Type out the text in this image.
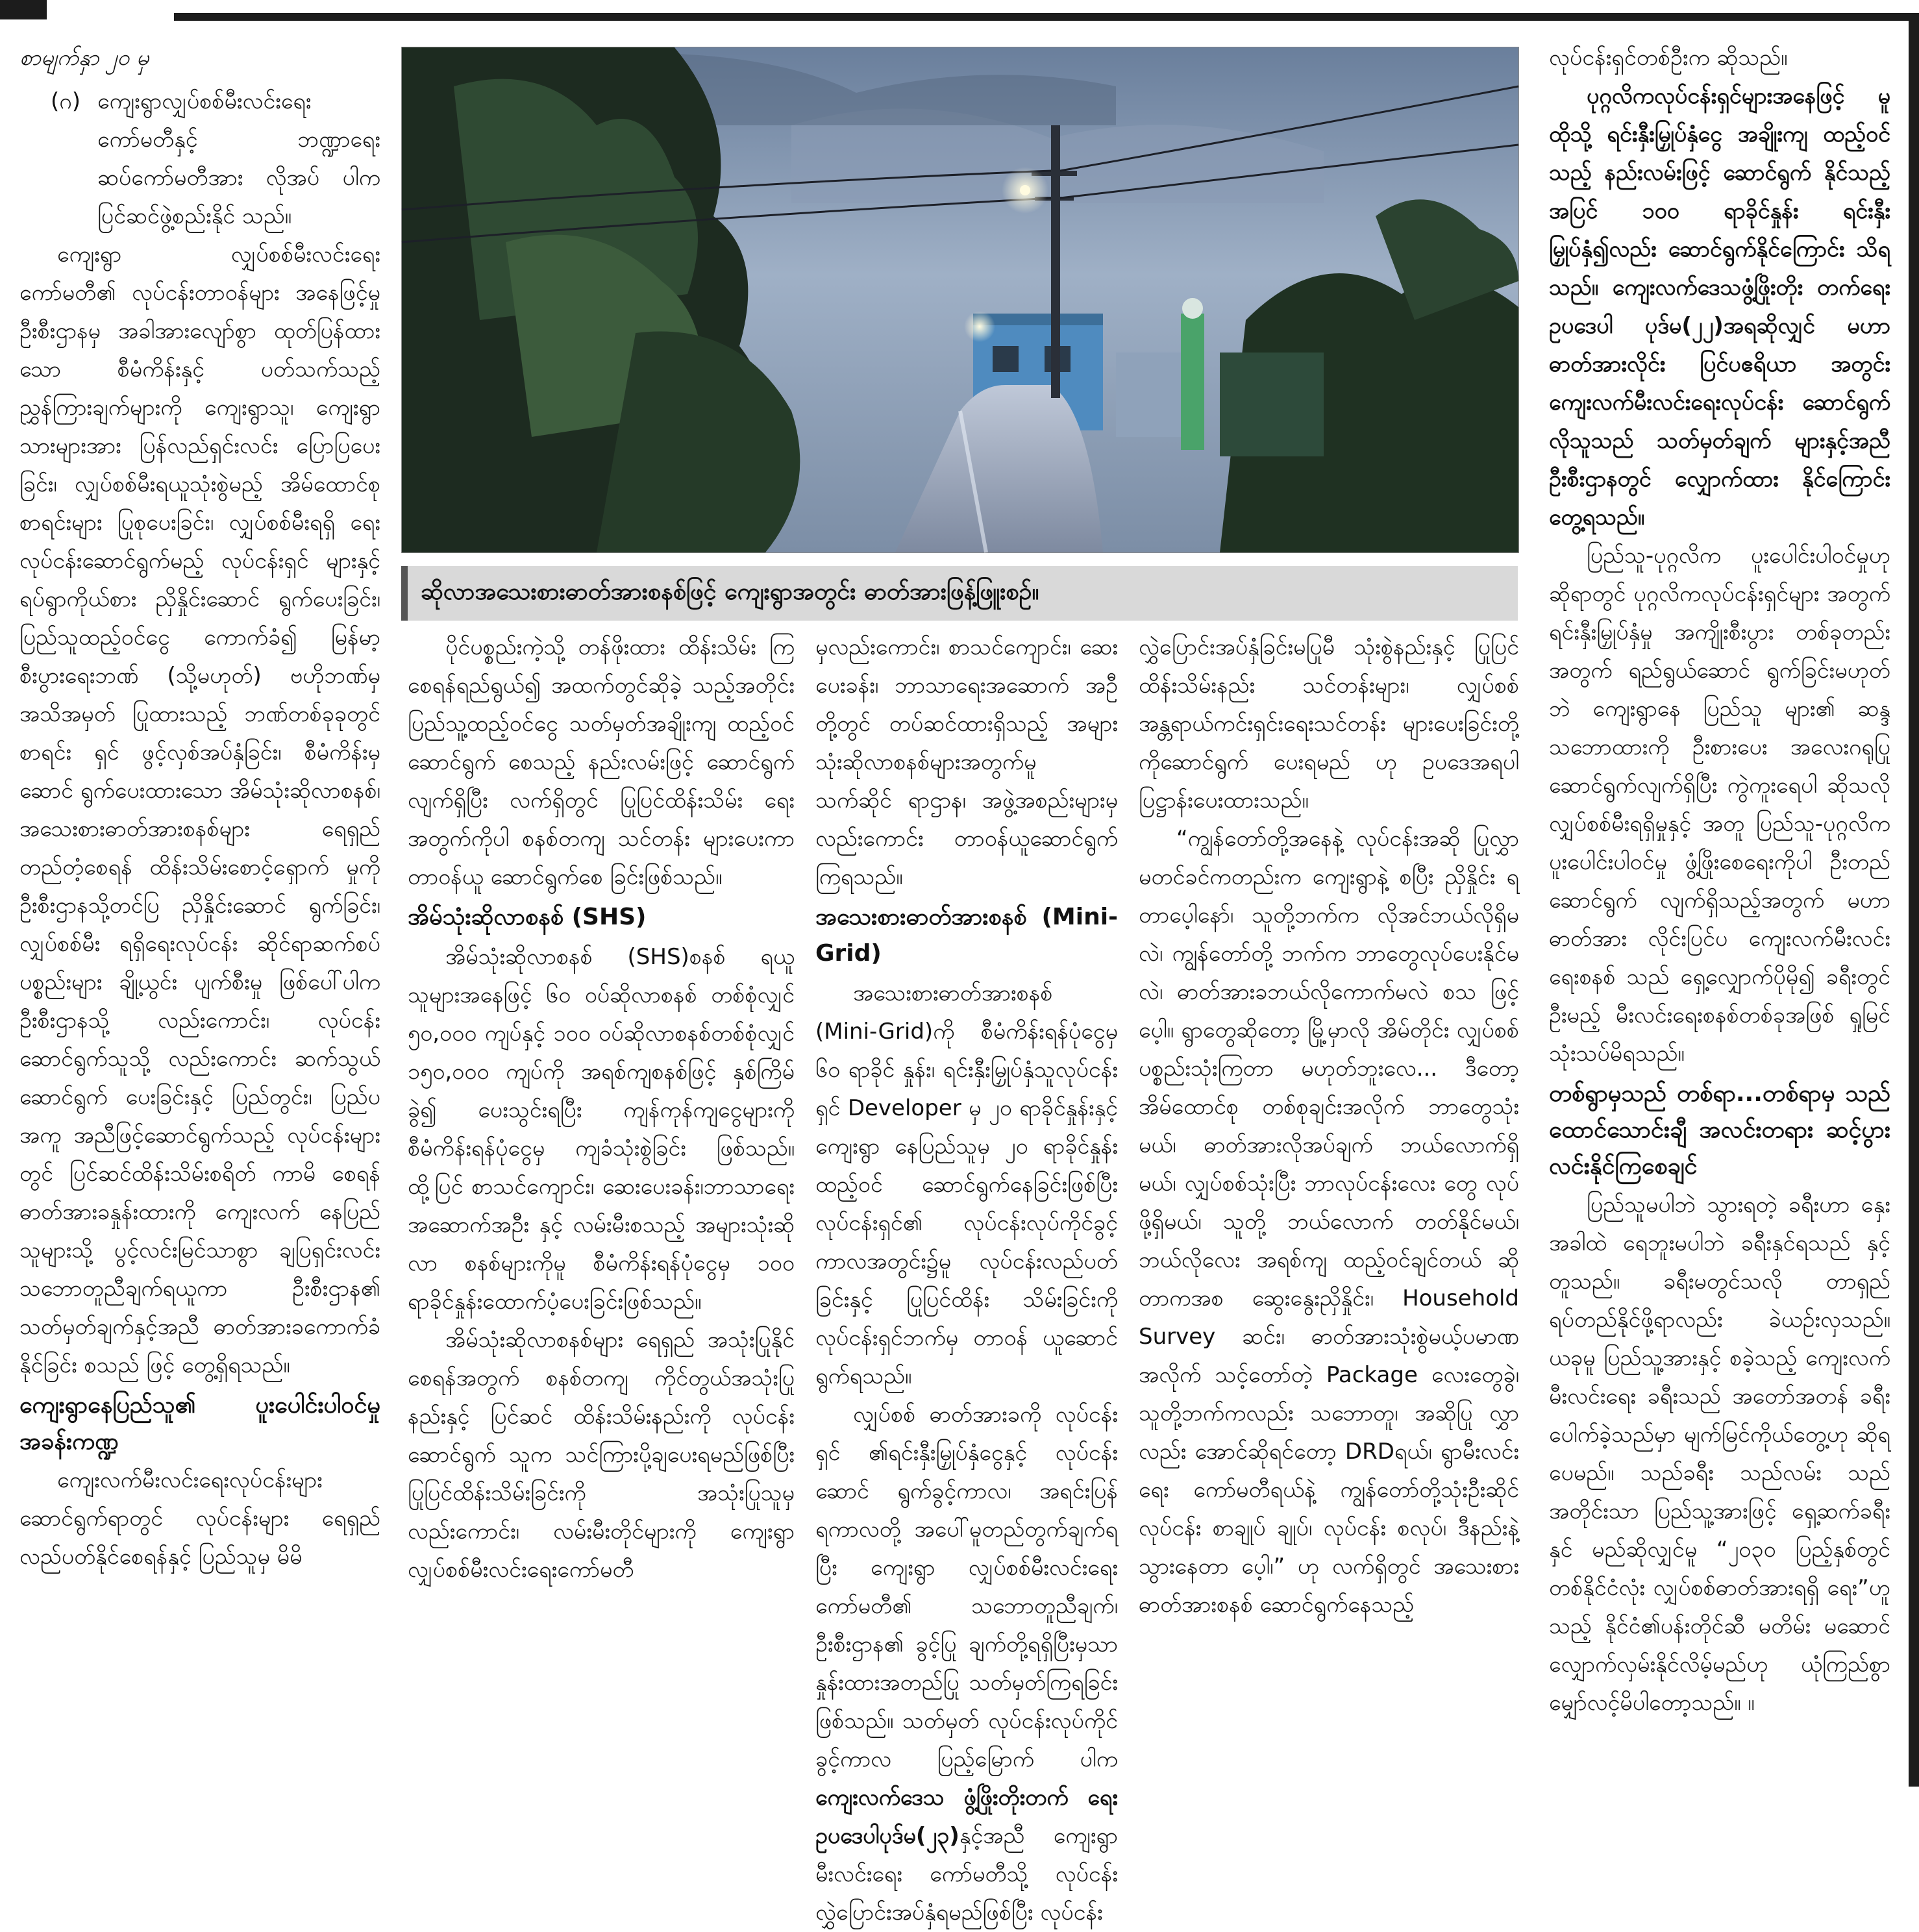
စာမျက်နှာ ၂၀ မှ

(ဂ) ကျေးရွာလျှပ်စစ်မီးလင်းရေး ကော်မတီနှင့် ဘဏ္ဍာရေး ဆပ်ကော်မတီအား လိုအပ် ပါက ပြင်ဆင်ဖွဲ့စည်းနိုင် သည်။

ကျေးရွာ လျှပ်စစ်မီးလင်းရေး ကော်မတီ၏ လုပ်ငန်းတာဝန်များ အနေဖြင့်မှု ဦးစီးဌာနမှ အခါအားလျော်စွာ ထုတ်ပြန်ထားသော စီမံကိန်းနှင့် ပတ်သက်သည့် ညွှန်ကြားချက်များကို ကျေးရွာသူ၊ ကျေးရွာသားများအား ပြန်လည်ရှင်းလင်း ပြောပြပေးခြင်း၊ လျှပ်စစ်မီးရယူသုံးစွဲမည့် အိမ်ထောင်စု စာရင်းများ ပြုစုပေးခြင်း၊ လျှပ်စစ်မီးရရှိ ရေးလုပ်ငန်းဆောင်ရွက်မည့် လုပ်ငန်းရှင် များနှင့် ရပ်ရွာကိုယ်စား ညှိနှိုင်းဆောင် ရွက်ပေးခြင်း၊ ပြည်သူထည့်ဝင်ငွေ ကောက်ခံ၍ မြန်မာ့စီးပွားရေးဘဏ် (သို့မဟုတ်) ဗဟိုဘဏ်မှ အသိအမှတ် ပြုထားသည့် ဘဏ်တစ်ခုခုတွင် စာရင်း ရှင် ဖွင့်လှစ်အပ်နှံခြင်း၊ စီမံကိန်းမှ ဆောင် ရွက်ပေးထားသော အိမ်သုံးဆိုလာစနစ်၊ အသေးစားဓာတ်အားစနစ်များ ရေရှည် တည်တံ့စေရန် ထိန်းသိမ်းစောင့်ရှောက် မှုကို ဦးစီးဌာနသို့တင်ပြ ညှိနှိုင်းဆောင် ရွက်ခြင်း၊ လျှပ်စစ်မီး ရရှိရေးလုပ်ငန်း ဆိုင်ရာဆက်စပ်ပစ္စည်းများ ချို့ယွင်း ပျက်စီးမှု ဖြစ်ပေါ်ပါက ဦးစီးဌာနသို့ လည်းကောင်း၊ လုပ်ငန်းဆောင်ရွက်သူသို့ လည်းကောင်း ဆက်သွယ်ဆောင်ရွက် ပေးခြင်းနှင့် ပြည်တွင်း၊ ပြည်ပ အကူ အညီဖြင့်ဆောင်ရွက်သည့် လုပ်ငန်းများ တွင် ပြင်ဆင်ထိန်းသိမ်းစရိတ် ကာမိ စေရန်ဓာတ်အားခနှုန်းထားကို ကျေးလက် နေပြည်သူများသို့ ပွင့်လင်းမြင်သာစွာ ချပြရှင်းလင်း သဘောတူညီချက်ရယူကာ ဦးစီးဌာန၏ သတ်မှတ်ချက်နှင့်အညီ ဓာတ်အားခကောက်ခံနိုင်ခြင်း စသည် ဖြင့် တွေ့ရှိရသည်။

ကျေးရွာနေပြည်သူ၏ ပူးပေါင်းပါဝင်မှုအခန်းကဏ္ဍ

ကျေးလက်မီးလင်းရေးလုပ်ငန်းများ ဆောင်ရွက်ရာတွင် လုပ်ငန်းများ ရေရှည် လည်ပတ်နိုင်စေရန်နှင့် ပြည်သူမှ မိမိ

ဆိုလာအသေးစားဓာတ်အားစနစ်ဖြင့် ကျေးရွာအတွင်း ဓာတ်အားဖြန့်ဖြူးစဉ်။

ပိုင်ပစ္စည်းကဲ့သို့ တန်ဖိုးထား ထိန်းသိမ်း ကြစေရန်ရည်ရွယ်၍ အထက်တွင်ဆိုခဲ့ သည့်အတိုင်း ပြည်သူ့ထည့်ဝင်ငွေ သတ်မှတ်အချိုးကျ ထည့်ဝင်ဆောင်ရွက် စေသည့် နည်းလမ်းဖြင့် ဆောင်ရွက် လျက်ရှိပြီး လက်ရှိတွင် ပြုပြင်ထိန်းသိမ်း ရေးအတွက်ကိုပါ စနစ်တကျ သင်တန်း များပေးကာ တာဝန်ယူ ဆောင်ရွက်စေ ခြင်းဖြစ်သည်။

အိမ်သုံးဆိုလာစနစ် (SHS)

အိမ်သုံးဆိုလာစနစ် (SHS)စနစ် ရယူ သူများအနေဖြင့် ၆၀ ဝပ်ဆိုလာစနစ် တစ်စုံလျှင် ၅၀,၀၀၀ ကျပ်နှင့် ၁၀၀ ဝပ်ဆိုလာစနစ်တစ်စုံလျှင် ၁၅၀,၀၀၀ ကျပ်ကို အရစ်ကျစနစ်ဖြင့် နှစ်ကြိမ်ခွဲ၍ ပေးသွင်းရပြီး ကျန်ကုန်ကျငွေများကို စီမံကိန်းရန်ပုံငွေမှ ကျခံသုံးစွဲခြင်း ဖြစ်သည်။ ထို့ပြင် စာသင်ကျောင်း၊ ဆေးပေးခန်း၊ဘာသာရေးအဆောက်အဦး နှင့် လမ်းမီးစသည့် အများသုံးဆိုလာ စနစ်များကိုမူ စီမံကိန်းရန်ပုံငွေမှ ၁၀၀ ရာခိုင်နှုန်းထောက်ပံ့ပေးခြင်းဖြစ်သည်။

အိမ်သုံးဆိုလာစနစ်များ ရေရှည် အသုံးပြုနိုင်စေရန်အတွက် စနစ်တကျ ကိုင်တွယ်အသုံးပြုနည်းနှင့် ပြင်ဆင် ထိန်းသိမ်းနည်းကို လုပ်ငန်းဆောင်ရွက် သူက သင်ကြားပို့ချပေးရမည်ဖြစ်ပြီး ပြုပြင်ထိန်းသိမ်းခြင်းကို အသုံးပြုသူမှ လည်းကောင်း၊ လမ်းမီးတိုင်များကို ကျေးရွာလျှပ်စစ်မီးလင်းရေးကော်မတီ

မှလည်းကောင်း၊ စာသင်ကျောင်း၊ ဆေးပေးခန်း၊ ဘာသာရေးအဆောက် အဦတို့တွင် တပ်ဆင်ထားရှိသည့် အများ သုံးဆိုလာစနစ်များအတွက်မူ သက်ဆိုင် ရာဌာန၊ အဖွဲ့အစည်းများမှလည်းကောင်း တာဝန်ယူဆောင်ရွက်ကြရသည်။

အသေးစားဓာတ်အားစနစ် (Mini-Grid)

အသေးစားဓာတ်အားစနစ် (Mini-Grid)ကို စီမံကိန်းရန်ပုံငွေမှ ၆၀ ရာခိုင် နှုန်း၊ ရင်းနှီးမြှုပ်နှံသူလုပ်ငန်းရှင် Developer မှ ၂၀ ရာခိုင်နှုန်းနှင့် ကျေးရွာ နေပြည်သူမှ ၂၀ ရာခိုင်နှုန်းထည့်ဝင် ဆောင်ရွက်နေခြင်းဖြစ်ပြီး လုပ်ငန်းရှင်၏ လုပ်ငန်းလုပ်ကိုင်ခွင့်ကာလအတွင်း၌မူ လုပ်ငန်းလည်ပတ်ခြင်းနှင့် ပြုပြင်ထိန်း သိမ်းခြင်းကို လုပ်ငန်းရှင်ဘက်မှ တာဝန် ယူဆောင်ရွက်ရသည်။

လျှပ်စစ် ဓာတ်အားခကို လုပ်ငန်းရှင် ၏ရင်းနှီးမြှုပ်နှံငွေနှင့် လုပ်ငန်းဆောင် ရွက်ခွင့်ကာလ၊ အရင်းပြန်ရကာလတို့ အပေါ်မူတည်တွက်ချက်ရပြီး ကျေးရွာ လျှပ်စစ်မီးလင်းရေး ကော်မတီ၏ သဘောတူညီချက်၊ ဦးစီးဌာန၏ ခွင့်ပြု ချက်တို့ရရှိပြီးမှသာ နှုန်းထားအတည်ပြု သတ်မှတ်ကြရခြင်းဖြစ်သည်။ သတ်မှတ် လုပ်ငန်းလုပ်ကိုင်ခွင့်ကာလ ပြည့်မြောက် ပါက ကျေးလက်ဒေသ ဖွံ့ဖြိုးတိုးတက် ရေးဥပဒေပါပုဒ်မ(၂၃)နှင့်အညီ ကျေးရွာ မီးလင်းရေး ကော်မတီသို့ လုပ်ငန်း လွှဲပြောင်းအပ်နှံရမည်ဖြစ်ပြီး လုပ်ငန်း

လွှဲပြောင်းအပ်နှံခြင်းမပြုမီ သုံးစွဲနည်းနှင့် ပြုပြင်ထိန်းသိမ်းနည်း သင်တန်းများ၊ လျှပ်စစ်အန္တရာယ်ကင်းရှင်းရေးသင်တန်း များပေးခြင်းတို့ကိုဆောင်ရွက် ပေးရမည် ဟု ဥပဒေအရပါ ပြဋ္ဌာန်းပေးထားသည်။

“ကျွန်တော်တို့အနေနဲ့ လုပ်ငန်းအဆို ပြုလွှာ မတင်ခင်ကတည်းက ကျေးရွာနဲ့ စပြီး ညှိနှိုင်း ရတာပေ့ါနော်၊ သူတို့ဘက်က လိုအင်ဘယ်လိုရှိမလဲ၊ ကျွန်တော်တို့ ဘက်က ဘာတွေလုပ်ပေးနိုင်မလဲ၊ ဓာတ်အားခဘယ်လိုကောက်မလဲ စသ ဖြင့်ပေ့ါ။ ရွာတွေဆိုတော့ မြို့မှာလို အိမ်တိုင်း လျှပ်စစ်ပစ္စည်းသုံးကြတာ မဟုတ်ဘူးလေ... ဒီတော့ အိမ်ထောင်စု တစ်စုချင်းအလိုက် ဘာတွေသုံးမယ်၊ ဓာတ်အားလိုအပ်ချက် ဘယ်လောက်ရှိ မယ်၊ လျှပ်စစ်သုံးပြီး ဘာလုပ်ငန်းလေး တွေ လုပ်ဖို့ရှိမယ်၊ သူတို့ ဘယ်လောက် တတ်နိုင်မယ်၊ ဘယ်လိုလေး အရစ်ကျ ထည့်ဝင်ချင်တယ် ဆိုတာကအစ ဆွေးနွေးညှိနှိုင်း၊ Household Survey ဆင်း၊ ဓာတ်အားသုံးစွဲမယ့်ပမာဏအလိုက် သင့်တော်တဲ့ Package လေးတွေခွဲ၊ သူတို့ဘက်ကလည်း သဘောတူ၊ အဆိုပြု လွှာလည်း အောင်ဆိုရင်တော့ DRDရယ်၊ ရွာမီးလင်းရေး ကော်မတီရယ်နဲ့ ကျွန်တော်တို့သုံးဦးဆိုင် လုပ်ငန်း စာချုပ် ချုပ်၊ လုပ်ငန်း စလုပ်၊ ဒီနည်းနဲ့သွားနေတာ ပေ့ါ၊” ဟု လက်ရှိတွင် အသေးစား ဓာတ်အားစနစ် ဆောင်ရွက်နေသည့်

လုပ်ငန်းရှင်တစ်ဦးက ဆိုသည်။

ပုဂ္ဂလိကလုပ်ငန်းရှင်များအနေဖြင့် မူ ထိုသို့ ရင်းနှီးမြှုပ်နှံငွေ အချိုးကျ ထည့်ဝင်သည့် နည်းလမ်းဖြင့် ဆောင်ရွက် နိုင်သည့်အပြင် ၁၀၀ ရာခိုင်နှုန်း ရင်းနှီး မြှုပ်နှံ၍လည်း ဆောင်ရွက်နိုင်ကြောင်း သိရသည်။ ကျေးလက်ဒေသဖွံ့ဖြိုးတိုး တက်ရေးဥပဒေပါ ပုဒ်မ(၂၂)အရဆိုလျှင် မဟာဓာတ်အားလိုင်း ပြင်ပဧရိယာ အတွင်း ကျေးလက်မီးလင်းရေးလုပ်ငန်း ဆောင်ရွက်လိုသူသည် သတ်မှတ်ချက် များနှင့်အညီ ဦးစီးဌာနတွင် လျှောက်ထား နိုင်ကြောင်းတွေ့ရသည်။

ပြည်သူ-ပုဂ္ဂလိက ပူးပေါင်းပါဝင်မှုဟု ဆိုရာတွင် ပုဂ္ဂလိကလုပ်ငန်းရှင်များ အတွက် ရင်းနှီးမြှုပ်နှံမှု အကျိုးစီးပွား တစ်ခုတည်းအတွက် ရည်ရွယ်ဆောင် ရွက်ခြင်းမဟုတ်ဘဲ ကျေးရွာနေ ပြည်သူ များ၏ ဆန္ဒသဘောထားကို ဦးစားပေး အလေးဂရုပြု ဆောင်ရွက်လျက်ရှိပြီး ကွဲကူးရေပါ ဆိုသလို လျှပ်စစ်မီးရရှိမှုနှင့် အတူ ပြည်သူ-ပုဂ္ဂလိက ပူးပေါင်းပါဝင်မှု ဖွံ့ဖြိုးစေရေးကိုပါ ဦးတည်ဆောင်ရွက် လျက်ရှိသည့်အတွက် မဟာဓာတ်အား လိုင်းပြင်ပ ကျေးလက်မီးလင်းရေးစနစ် သည် ရှေ့လျှောက်ပိုမို၍ ခရီးတွင်ဦးမည့် မီးလင်းရေးစနစ်တစ်ခုအဖြစ် ရှုမြင် သုံးသပ်မိရသည်။

တစ်ရွာမှသည် တစ်ရာ...တစ်ရာမှ သည် ထောင်သောင်းချီ အလင်းတရား ဆင့်ပွားလင်းနိုင်ကြစေချင်

ပြည်သူမပါဘဲ သွားရတဲ့ ခရီးဟာ နှေးအခါထဲ ရေဘူးမပါဘဲ ခရီးနှင်ရသည် နှင့်တူသည်။ ခရီးမတွင်သလို တာရှည် ရပ်တည်နိုင်ဖို့ရာလည်း ခဲယဉ်းလှသည်။ ယခုမူ ပြည်သူ့အားနှင့် စခဲ့သည့် ကျေးလက်မီးလင်းရေး ခရီးသည် အတော်အတန် ခရီးပေါက်ခဲ့သည်မှာ မျက်မြင်ကိုယ်တွေ့ဟု ဆိုရပေမည်။ သည်ခရီး သည်လမ်း သည်အတိုင်းသာ ပြည်သူ့အားဖြင့် ရှေ့ဆက်ခရီးနှင် မည်ဆိုလျှင်မူ “၂၀၃၀ ပြည့်နှစ်တွင် တစ်နိုင်ငံလုံး လျှပ်စစ်ဓာတ်အားရရှိ ရေး”ဟူသည့် နိုင်ငံ၏ပန်းတိုင်ဆီ မတိမ်း မဆောင် လျှောက်လှမ်းနိုင်လိမ့်မည်ဟု ယုံကြည်စွာမျှော်လင့်မိပါတော့သည်။ ။
